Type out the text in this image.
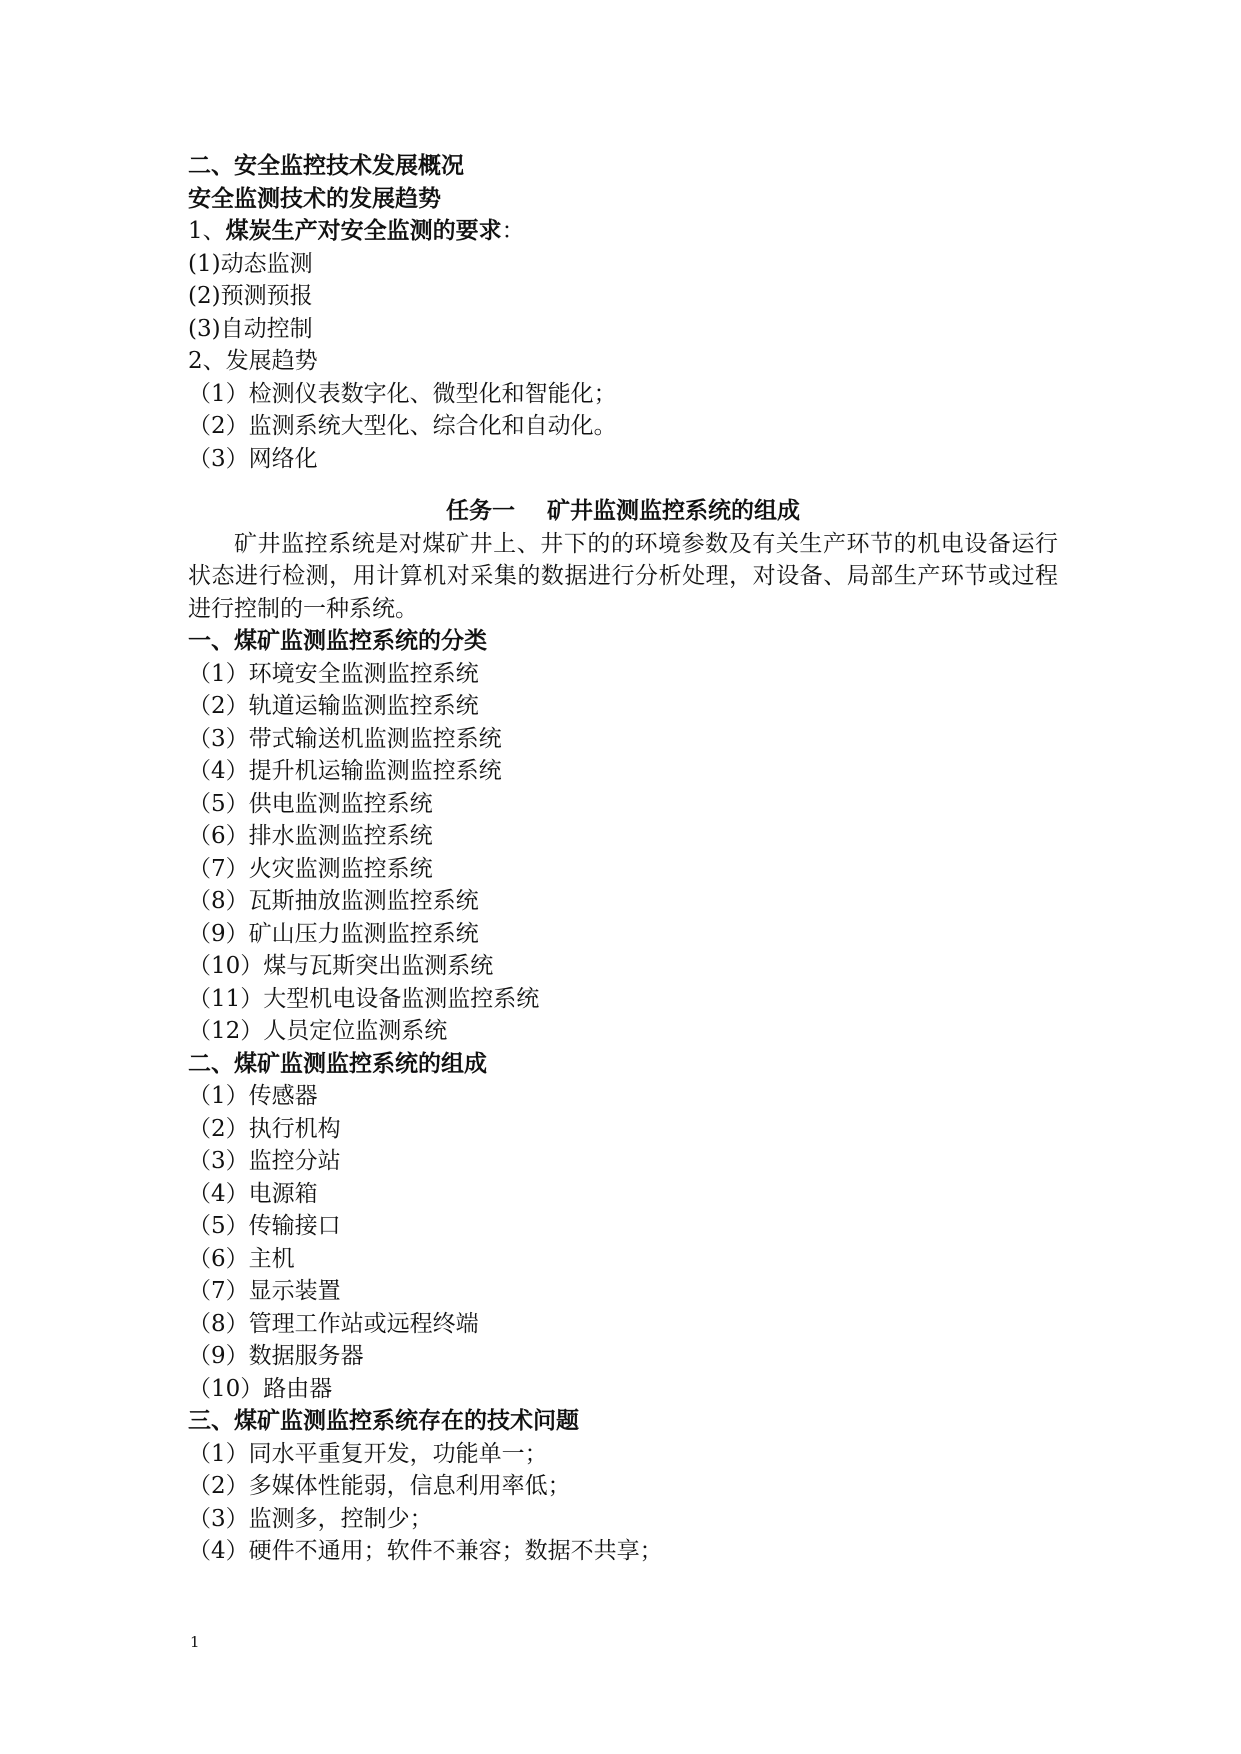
二、安全监控技术发展概况
安全监测技术的发展趋势
1、煤炭生产对安全监测的要求：
(1)动态监测
(2)预测预报
(3)自动控制
2、发展趋势
（1）检测仪表数字化、微型化和智能化；
（2）监测系统大型化、综合化和自动化。
（3）网络化
任务一    矿井监测监控系统的组成
矿井监控系统是对煤矿井上、井下的的环境参数及有关生产环节的机电设备运行状态进行检测，用计算机对采集的数据进行分析处理，对设备、局部生产环节或过程进行控制的一种系统。
一、煤矿监测监控系统的分类
（1）环境安全监测监控系统
（2）轨道运输监测监控系统
（3）带式输送机监测监控系统
（4）提升机运输监测监控系统
（5）供电监测监控系统
（6）排水监测监控系统
（7）火灾监测监控系统
（8）瓦斯抽放监测监控系统
（9）矿山压力监测监控系统
（10）煤与瓦斯突出监测系统
（11）大型机电设备监测监控系统
（12）人员定位监测系统
二、煤矿监测监控系统的组成
（1）传感器
（2）执行机构
（3）监控分站
（4）电源箱
（5）传输接口
（6）主机
（7）显示装置
（8）管理工作站或远程终端
（9）数据服务器
（10）路由器
三、煤矿监测监控系统存在的技术问题
（1）同水平重复开发，功能单一；
（2）多媒体性能弱，信息利用率低；
（3）监测多，控制少；
（4）硬件不通用；软件不兼容；数据不共享；
1
